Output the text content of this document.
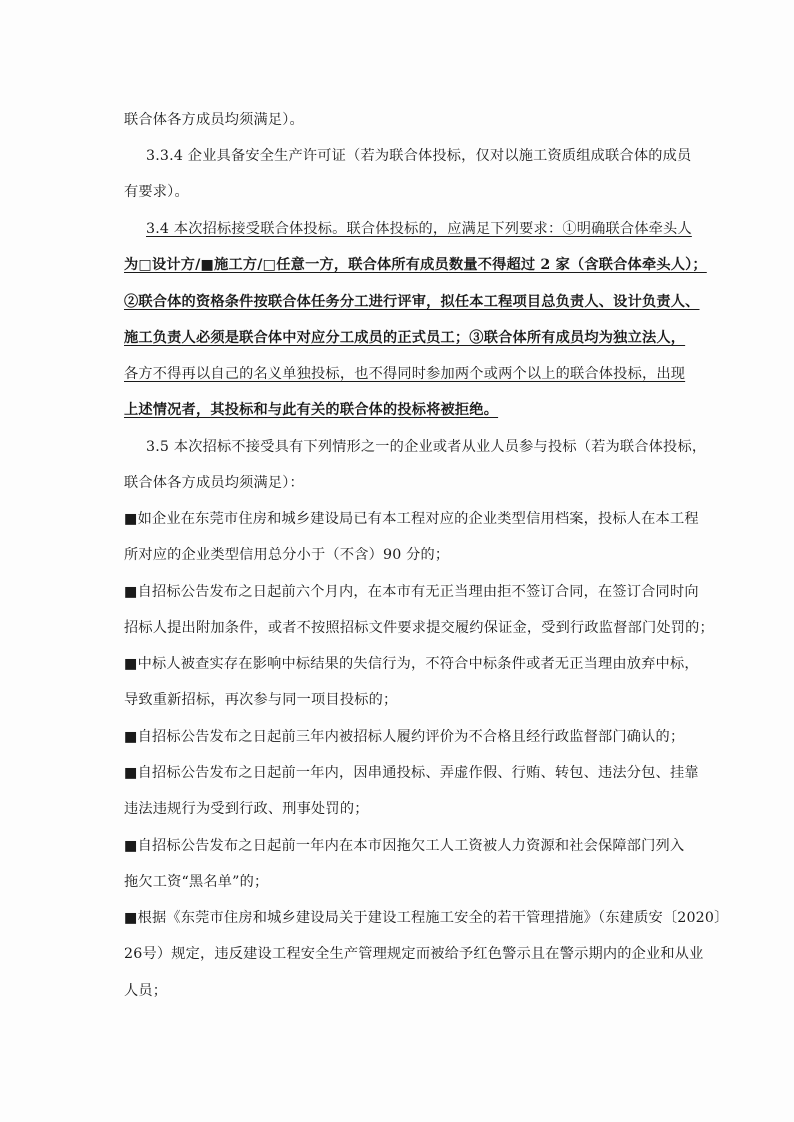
联合体各方成员均须满足）。
3.3.4 企业具备安全生产许可证（若为联合体投标，仅对以施工资质组成联合体的成员
有要求）。
3.4 本次招标接受联合体投标。联合体投标的，应满足下列要求：①明确联合体牵头人
为□设计方/■施工方/□任意一方，联合体所有成员数量不得超过 2 家（含联合体牵头人）；
②联合体的资格条件按联合体任务分工进行评审，拟任本工程项目总负责人、设计负责人、
施工负责人必须是联合体中对应分工成员的正式员工；③联合体所有成员均为独立法人，
各方不得再以自己的名义单独投标，也不得同时参加两个或两个以上的联合体投标，出现
上述情况者，其投标和与此有关的联合体的投标将被拒绝。
3.5 本次招标不接受具有下列情形之一的企业或者从业人员参与投标（若为联合体投标，
联合体各方成员均须满足）：
■如企业在东莞市住房和城乡建设局已有本工程对应的企业类型信用档案，投标人在本工程
所对应的企业类型信用总分小于（不含）90 分的；
■自招标公告发布之日起前六个月内，在本市有无正当理由拒不签订合同，在签订合同时向
招标人提出附加条件，或者不按照招标文件要求提交履约保证金，受到行政监督部门处罚的；
■中标人被查实存在影响中标结果的失信行为，不符合中标条件或者无正当理由放弃中标，
导致重新招标，再次参与同一项目投标的；
■自招标公告发布之日起前三年内被招标人履约评价为不合格且经行政监督部门确认的；
■自招标公告发布之日起前一年内，因串通投标、弄虚作假、行贿、转包、违法分包、挂靠
违法违规行为受到行政、刑事处罚的；
■自招标公告发布之日起前一年内在本市因拖欠工人工资被人力资源和社会保障部门列入
拖欠工资“黑名单”的；
■根据《东莞市住房和城乡建设局关于建设工程施工安全的若干管理措施》（东建质安〔2020〕
26号）规定，违反建设工程安全生产管理规定而被给予红色警示且在警示期内的企业和从业
人员；
